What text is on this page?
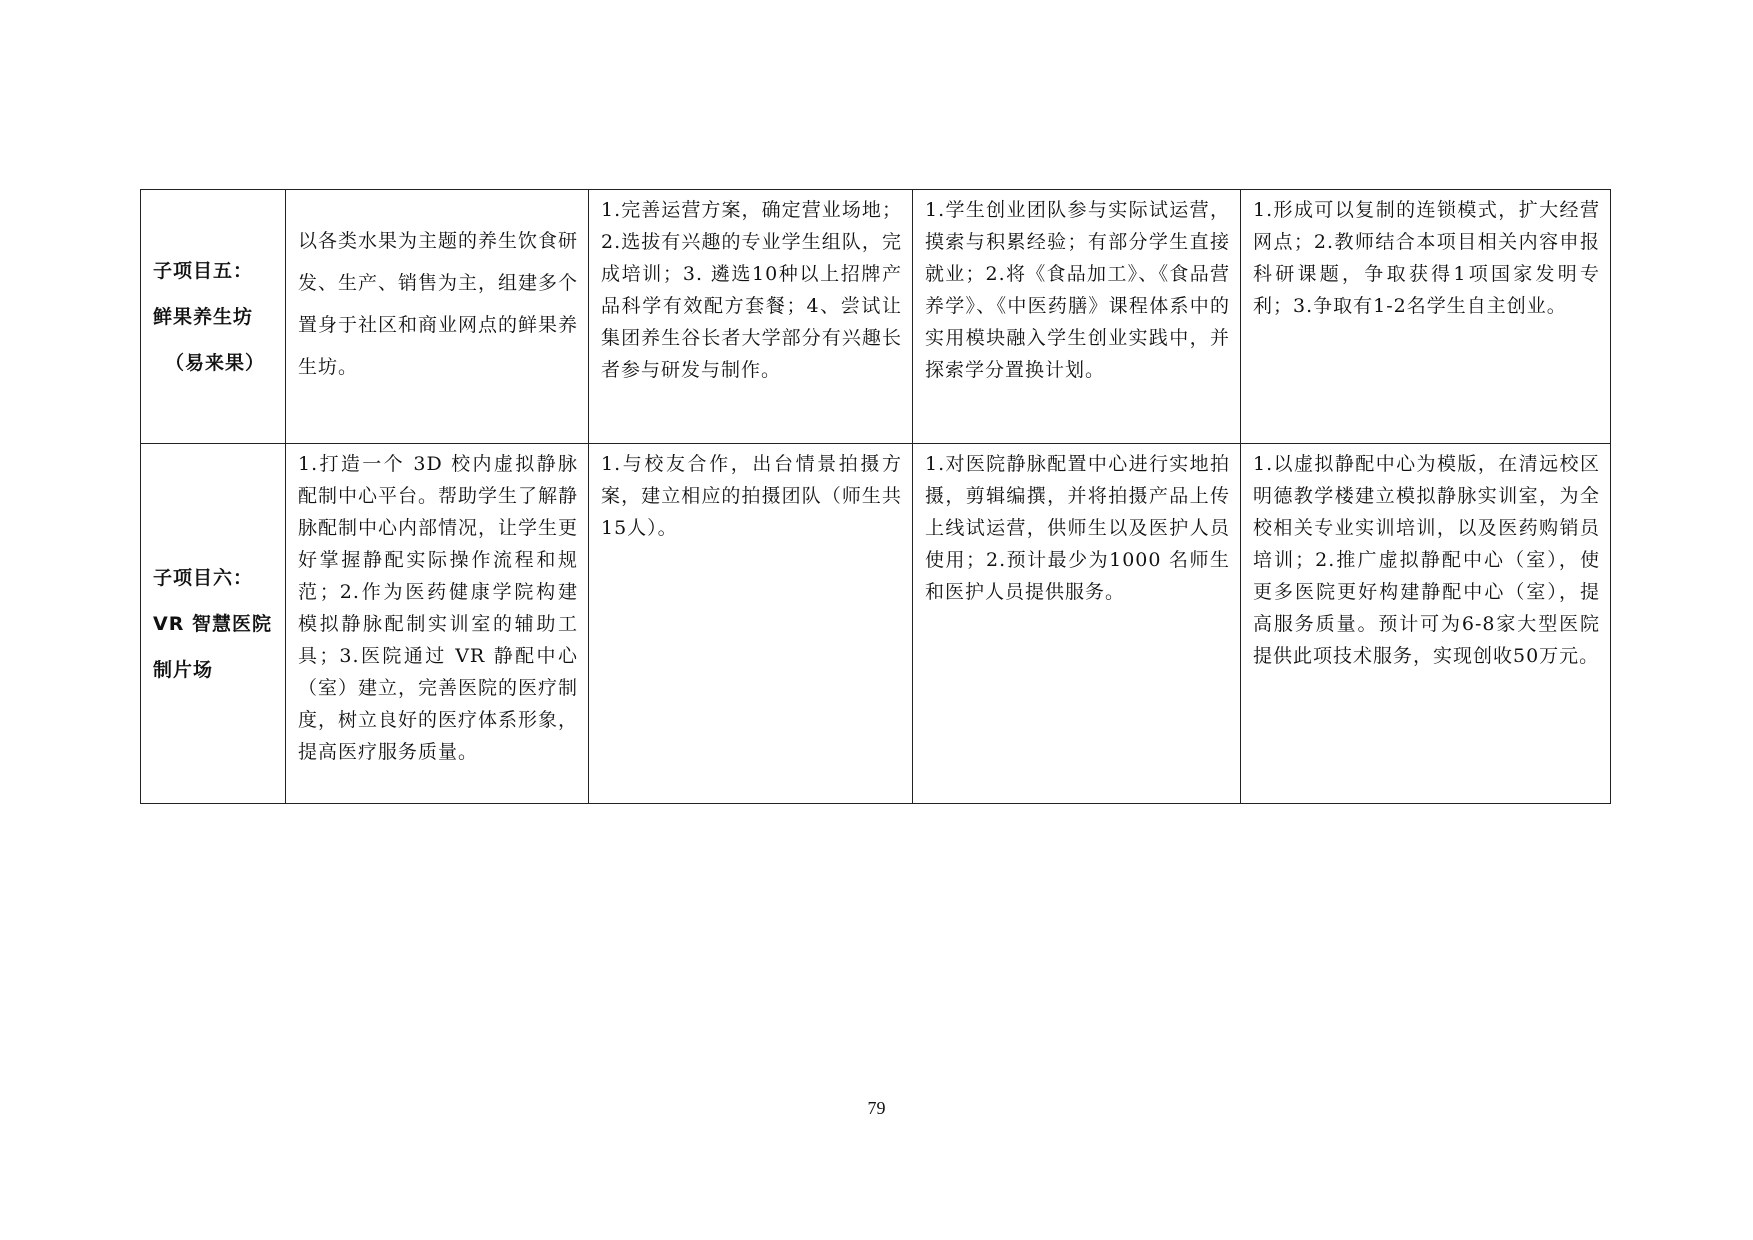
子项目五：
鲜果养生坊
（易来果）	以各类水果为主题的养生饮食研发、生产、销售为主，组建多个置身于社区和商业网点的鲜果养生坊。	1.完善运营方案，确定营业场地；2.选拔有兴趣的专业学生组队，完成培训；3. 遴选10种以上招牌产品科学有效配方套餐；4、尝试让集团养生谷长者大学部分有兴趣长者参与研发与制作。	1.学生创业团队参与实际试运营，摸索与积累经验；有部分学生直接就业；2.将《食品加工》、《食品营养学》、《中医药膳》课程体系中的实用模块融入学生创业实践中，并探索学分置换计划。	1.形成可以复制的连锁模式，扩大经营网点；2.教师结合本项目相关内容申报科研课题，争取获得1项国家发明专利；3.争取有1-2名学生自主创业。

子项目六：
VR 智慧医院
制片场	1.打造一个 3D 校内虚拟静脉配制中心平台。帮助学生了解静脉配制中心内部情况，让学生更好掌握静配实际操作流程和规范；2.作为医药健康学院构建模拟静脉配制实训室的辅助工具；3.医院通过 VR 静配中心（室）建立，完善医院的医疗制度，树立良好的医疗体系形象，提高医疗服务质量。	1.与校友合作，出台情景拍摄方案，建立相应的拍摄团队（师生共15人）。	1.对医院静脉配置中心进行实地拍摄，剪辑编撰，并将拍摄产品上传上线试运营，供师生以及医护人员使用；2.预计最少为1000 名师生和医护人员提供服务。	1.以虚拟静配中心为模版，在清远校区明德教学楼建立模拟静脉实训室，为全校相关专业实训培训，以及医药购销员培训；2.推广虚拟静配中心（室），使更多医院更好构建静配中心（室），提高服务质量。预计可为6-8家大型医院提供此项技术服务，实现创收50万元。
79
